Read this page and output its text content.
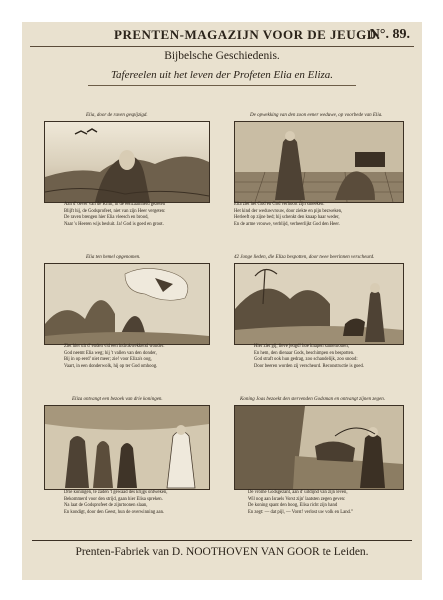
PRENTEN-MAGAZIJN VOOR DE JEUGD.
N°. 89.
Bijbelsche Geschiedenis.
Tafereelen uit het leven der Profeten Elia en Eliza.
Elia, door de raven gespijzigd.
Aan d' oever van de Krith, in de eenzaamheid gezeten
Blijft hij, de Godsprofeet, niet van zijn Heer vergeten:
De raven brengen hier Elia vleesch en brood,
Naar 's Heeren wijs besluit. Ja! God is goed en groot.
De opwekking van den zoon eener weduwe, op voorbede van Elia.
Elia ziet het God en God verhoort zijn smeeken:
Het kind der weduwvrouw, door ziekte en pijn bezweken,
Herleeft op zijne bed; hij schenkt den knaap haar weder,
En de arme vrouwe, verblijd, verheerlijkt God den Heer.
Elia ten hemel opgenomen.
Ziet hier uit d' enden vid een indrukwekkend wonder:
God neemt Elia weg; hij 't vallen van den donder,
Bij in op eerd’ niet meer; zie! voor Eliza's oog,
Vaart, in een donderwolk, hij op ter God omhoog.
42 Jonge lieden, die Eliza bespotten, door twee beerinnen verscheurd.
Hier ziet gij, lieve jeugd! hoe knapen samenrotten,
En hem, den dienaar Gods, beschimpen en bespotten.
God straft ook hun gedrag, zoo schandelijk, zoo snood:
Door beeren worden zij verscheurd. Reconstructie is goed.
Eliza ontvangt een bezoek van drie koningen.
Drie koningen, te zaden 't gewaad des krijgs ontweken,
Bekommerd voor den strijd, gaan hier Elisa spreken.
Na laat de Godsprofeet de zijnrtoonen slaan,
En kondigt, door den Geest, hun de overwinning aan.
Koning Joas bezoekt den stervenden Godsman en ontvangt zijnen zegen.
De vrome Godsgezant, aan d' uitdijnd van zijn leven,
Wil nog aan Israels Vorst zijn' laatsten zegen geven:
De koning spant den boog, Elisa richt zijn hand
En zegt: — dat pijl, — Vorst! verlost uw volk en Land.”
Prenten-Fabriek van D. NOOTHOVEN VAN GOOR te Leiden.
